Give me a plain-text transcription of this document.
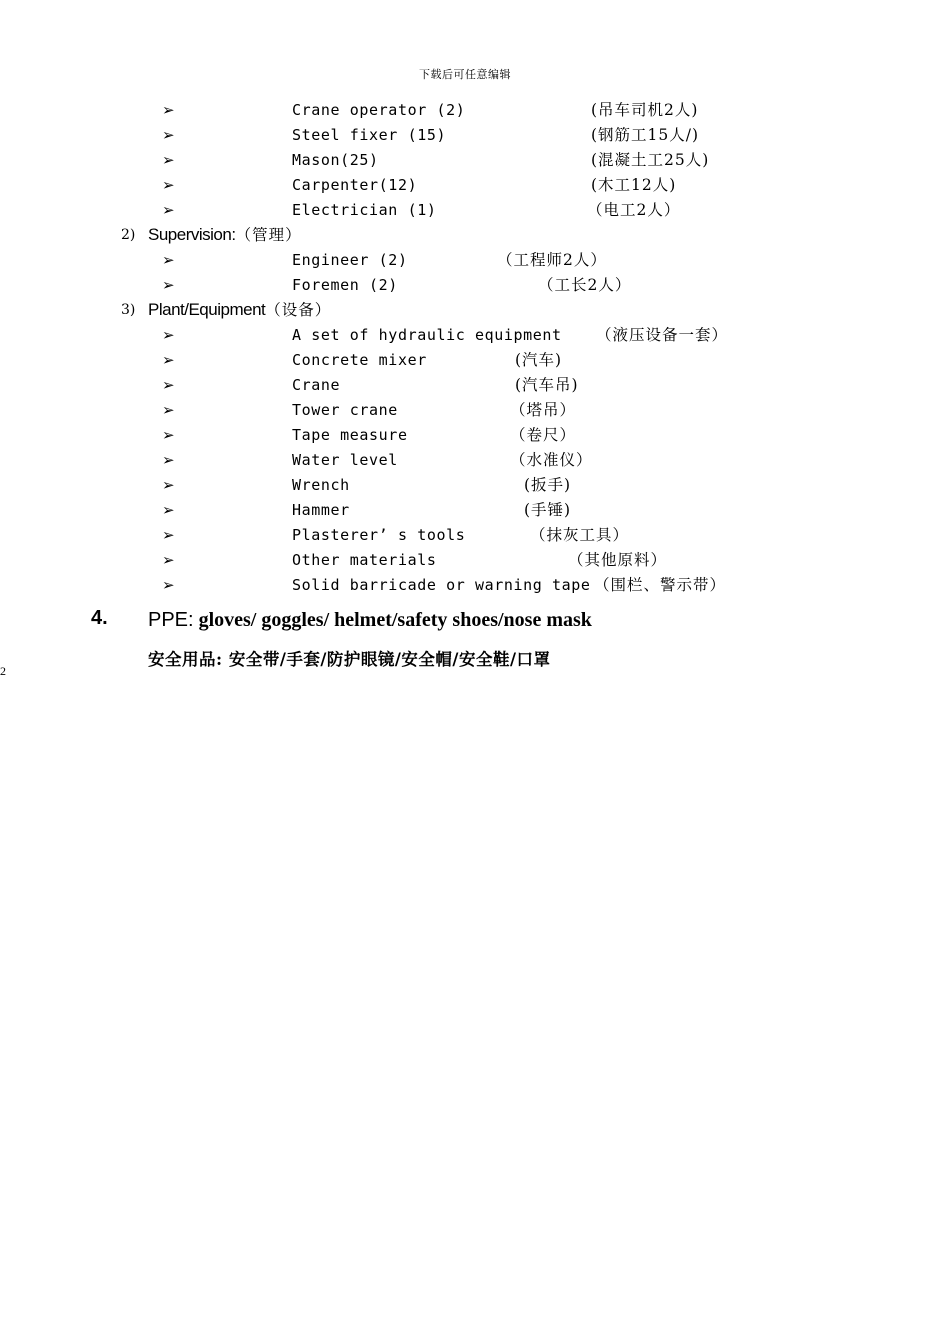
下载后可任意编辑
➢	Crane operator (2)	(吊车司机2人)
➢	Steel fixer (15)	(钢筋工15人/)
➢	Mason(25)	(混凝土工25人)
➢	Carpenter(12)	(木工12人)
➢	Electrician (1)	（电工2人）
2) Supervision:（管理）
➢	Engineer (2)	（工程师2人）
➢	Foremen (2)	（工长2人）
3) Plant/Equipment（设备）
➢	A set of hydraulic equipment （液压设备一套）
➢	Concrete mixer	(汽车)
➢	Crane	(汽车吊)
➢	Tower crane	（塔吊）
➢	Tape measure	（卷尺）
➢	Water level	（水准仪）
➢	Wrench	(扳手)
➢	Hammer	(手锤)
➢	Plasterer’ s tools	（抹灰工具）
➢	Other materials	（其他原料）
➢	Solid barricade or warning tape （围栏、警示带）
4. PPE: gloves/ goggles/ helmet/safety shoes/nose mask
安全用品: 安全带/手套/防护眼镜/安全帽/安全鞋/口罩
2
